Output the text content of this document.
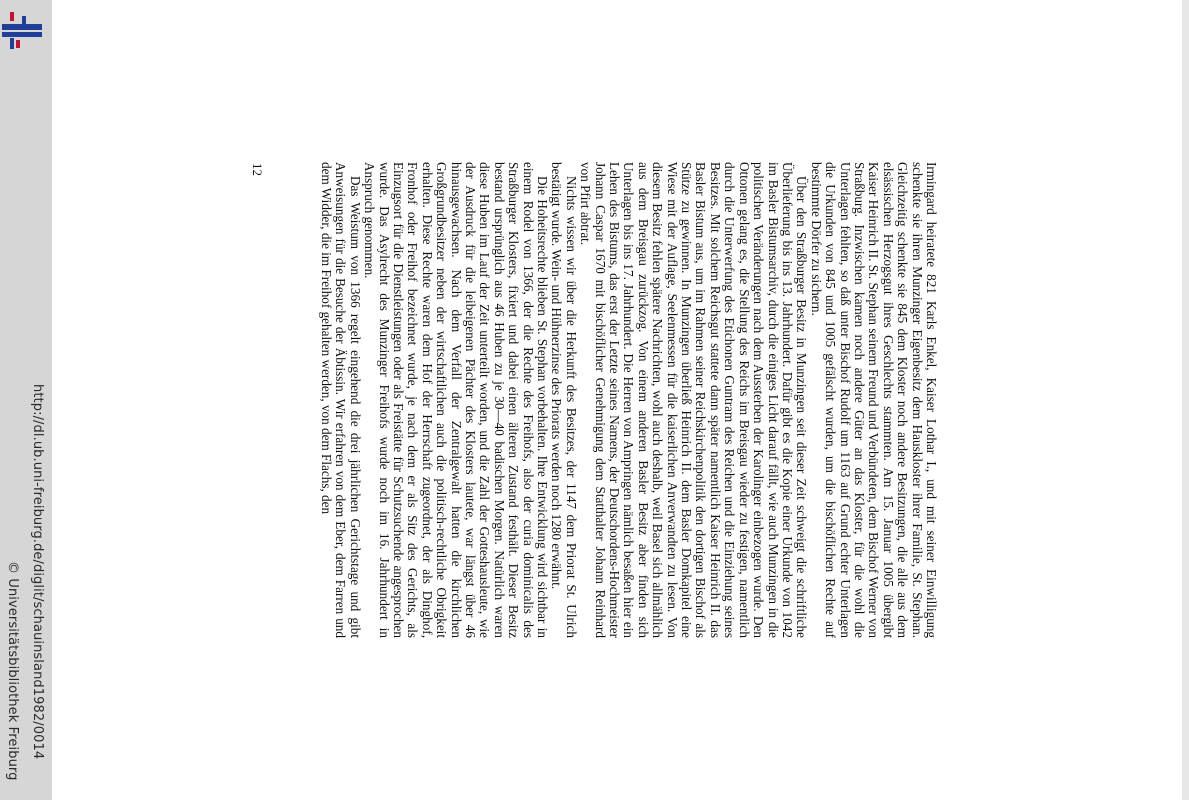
http://dl.ub.uni-freiburg.de/diglit/schauinsland1982/0014
© Universitätsbibliothek Freiburg

Irmingard heiratete 821 Karls Enkel, Kaiser Lothar I., und mit seiner Einwilligung schenkte sie ihren Munzinger Eigenbesitz dem Hauskloster ihrer Familie, St. Stephan. Gleichzeitig schenkte sie 845 dem Kloster noch andere Besitzungen, die alle aus dem elsässischen Herzogsgut ihres Geschlechts stammten. Am 15. Januar 1005 übergibt Kaiser Heinrich II. St. Stephan seinem Freund und Verbündeten, dem Bischof Werner von Straßburg. Inzwischen kamen noch andere Güter an das Kloster, für die wohl die Unterlagen fehlten, so daß unter Bischof Rudolf um 1163 auf Grund echter Unterlagen die Urkunden von 845 und 1005 gefälscht wurden, um die bischöflichen Rechte auf bestimmte Dörfer zu sichern.

Über den Straßburger Besitz in Munzingen seit dieser Zeit schweigt die schriftliche Überlieferung bis ins 13. Jahrhundert. Dafür gibt es die Kopie einer Urkunde von 1042 im Basler Bistumsarchiv, durch die einiges Licht darauf fällt, wie auch Munzingen in die politischen Veränderungen nach dem Aussterben der Karolinger einbezogen wurde. Den Ottonen gelang es, die Stellung des Reichs im Breisgau wieder zu festigen, namentlich durch die Unterwerfung des Etichonen Guntram des Reichen und die Einziehung seines Besitzes. Mit solchem Reichsgut stattete dann später namentlich Kaiser Heinrich II. das Basler Bistum aus, um im Rahmen seiner Reichskirchenpolitik den dortigen Bischof als Stütze zu gewinnen. In Munzingen überließ Heinrich II. dem Basler Domkapitel eine Wiese mit der Auflage, Seelenmessen für die kaiserlichen Anverwandten zu lesen. Von diesem Besitz fehlen spätere Nachrichten, wohl auch deshalb, weil Basel sich allmählich aus dem Breisgau zurückzog. Von einem anderen Basler Besitz aber finden sich Unterlagen bis ins 17. Jahrhundert. Die Herren von Ampringen nämlich besaßen hier ein Lehen des Bistums, das erst der Letzte seines Namens, der Deutschordens-Hochmeister Johann Caspar 1670 mit bischöflicher Genehmigung dem Statthalter Johann Reinhard von Pfirt abtrat.

Nichts wissen wir über die Herkunft des Besitzes, der 1147 dem Priorat St. Ulrich bestätigt wurde. Wein- und Hühnerzinse des Priorats werden noch 1280 erwähnt.

Die Hoheitsrechte blieben St. Stephan vorbehalten. Ihre Entwicklung wird sichtbar in einem Rodel von 1366, der die Rechte des Freihofs, also der curia dominicalis des Straßburger Klosters, fixiert und dabei einen älteren Zustand festhält. Dieser Besitz bestand ursprünglich aus 46 Huben zu je 30—40 badischen Morgen. Natürlich waren diese Huben im Lauf der Zeit unterteilt worden, und die Zahl der Gotteshausleute, wie der Ausdruck für die leibeigenen Pächter des Klosters lautete, war längst über 46 hinausgewachsen. Nach dem Verfall der Zentralgewalt hatten die kirchlichen Großgrundbesitzer neben der wirtschaftlichen auch die politisch-rechtliche Obrigkeit erhalten. Diese Rechte waren dem Hof der Herrschaft zugeordnet, der als Dinghof, Fronhof oder Freihof bezeichnet wurde, je nach dem er als Sitz des Gerichts, als Einzugsort für die Dienstleistungen oder als Freistätte für Schutzsuchende angesprochen wurde. Das Asylrecht des Munzinger Freihofs wurde noch im 16. Jahrhundert in Anspruch genommen.

Das Weistum von 1366 regelt eingehend die drei jährlichen Gerichtstage und gibt Anweisungen für die Besuche der Äbtissin. Wir erfahren von dem Eber, dem Farren und dem Widder, die im Freihof gehalten werden, von dem Flachs, den

12
